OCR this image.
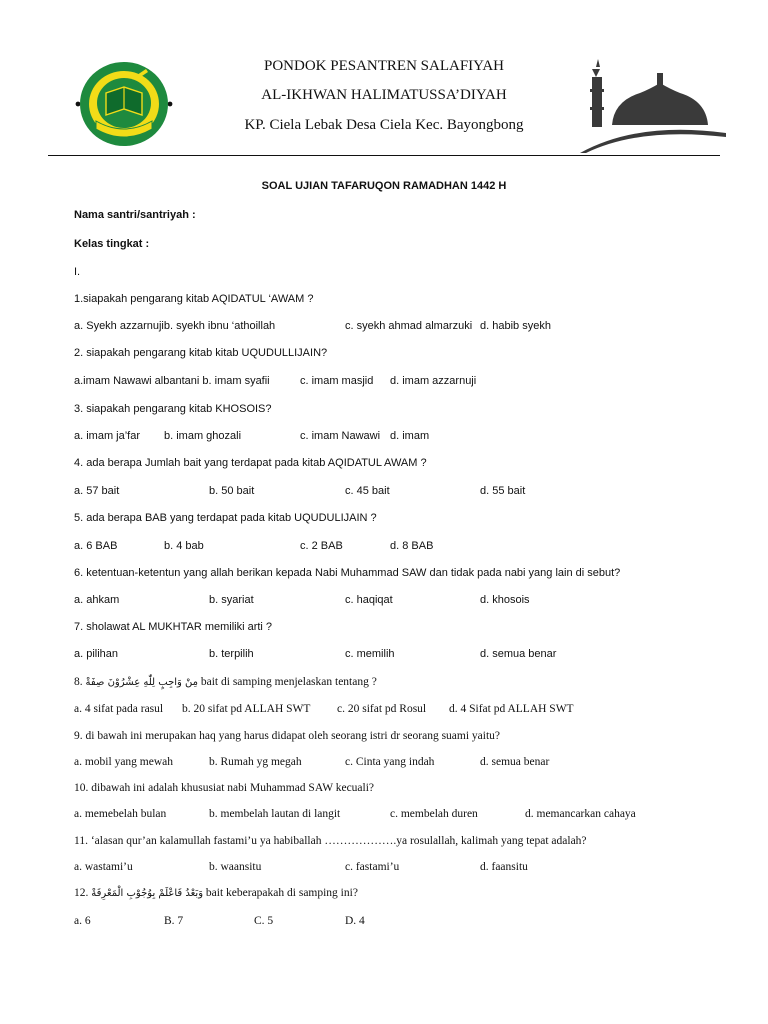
PONDOK PESANTREN SALAFIYAH
AL-IKHWAN HALIMATUSSA’DIYAH
KP. Ciela Lebak Desa Ciela Kec. Bayongbong
SOAL UJIAN TAFARUQON RAMADHAN 1442 H
Nama santri/santriyah :
Kelas tingkat :
I.
1.siapakah pengarang kitab AQIDATUL ‘AWAM ?
a. Syekh azzarnujib. syekh ibnu ‘athoillah	c. syekh ahmad almarzuki d. habib syekh
2. siapakah pengarang kitab kitab UQUDULLIJAIN?
a.imam Nawawi albantani b. imam syafii	c. imam masjid d. imam azzarnuji
3. siapakah pengarang kitab KHOSOIS?
a. imam ja’far b. imam ghozali	c. imam Nawawi d. imam
4. ada berapa Jumlah bait yang terdapat pada kitab AQIDATUL AWAM ?
a. 57 bait	b. 50 bait	c. 45 bait	d. 55 bait
5. ada berapa BAB yang terdapat pada kitab UQUDULIJAIN ?
a. 6 BAB	b. 4 bab	c. 2 BAB	d. 8 BAB
6. ketentuan-ketentun yang allah berikan kepada Nabi Muhammad SAW dan tidak pada nabi yang lain di sebut?
a. ahkam	b. syariat	c. haqiqat	d. khosois
7. sholawat AL MUKHTAR memiliki arti ?
a. pilihan	b. terpilih	c. memilih	d. semua benar
8. مِنْ وَاجِبٍ لِلّٰهِ عِشْرُوْنَ صِفَةْ bait di samping menjelaskan tentang ?
a. 4 sifat pada rasul b. 20 sifat pd ALLAH SWT c. 20 sifat pd Rosul d. 4 Sifat pd ALLAH SWT
9. di bawah ini merupakan haq yang harus didapat oleh seorang istri dr seorang suami yaitu?
a. mobil yang mewah	b. Rumah yg megah	c. Cinta yang indah	d. semua benar
10. dibawah ini adalah khususiat nabi Muhammad SAW kecuali?
a. memebelah bulan	b. membelah lautan di langit	c. membelah duren	d. memancarkan cahaya
11. ‘alasan qur’an kalamullah fastami’u ya habiballah ……………….ya rosulallah, kalimah yang tepat adalah?
a. wastami’u	b. waansitu	c. fastami’u	d. faansitu
12. وَبَعْدُ فَاعْلَمْ بِوُجُوْبِ الْمَعْرِفَةْ bait keberapakah di samping ini?
a. 6	B. 7	C. 5	D. 4
